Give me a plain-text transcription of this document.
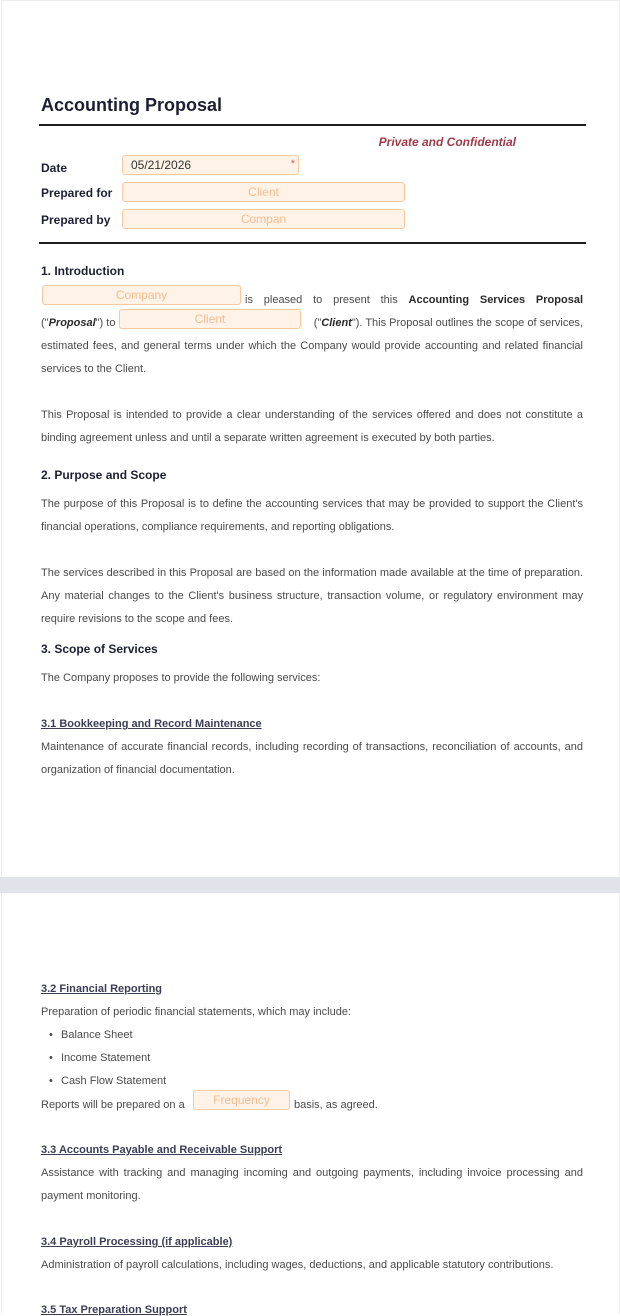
Accounting Proposal
Private and Confidential
Date	05/21/2026	*
Prepared for	Client
Prepared by	Compan
1. Introduction
Company	is pleased to present this Accounting Services Proposal
("Proposal") to	Client	("Client"). This Proposal outlines the scope of services,
estimated fees, and general terms under which the Company would provide accounting and related financial services to the Client.
This Proposal is intended to provide a clear understanding of the services offered and does not constitute a binding agreement unless and until a separate written agreement is executed by both parties.
2. Purpose and Scope
The purpose of this Proposal is to define the accounting services that may be provided to support the Client's financial operations, compliance requirements, and reporting obligations.
The services described in this Proposal are based on the information made available at the time of preparation. Any material changes to the Client's business structure, transaction volume, or regulatory environment may require revisions to the scope and fees.
3. Scope of Services
The Company proposes to provide the following services:
3.1 Bookkeeping and Record Maintenance
Maintenance of accurate financial records, including recording of transactions, reconciliation of accounts, and organization of financial documentation.
3.2 Financial Reporting
Preparation of periodic financial statements, which may include:
• Balance Sheet
• Income Statement
• Cash Flow Statement
Reports will be prepared on a	Frequency	basis, as agreed.
3.3 Accounts Payable and Receivable Support
Assistance with tracking and managing incoming and outgoing payments, including invoice processing and payment monitoring.
3.4 Payroll Processing (if applicable)
Administration of payroll calculations, including wages, deductions, and applicable statutory contributions.
3.5 Tax Preparation Support
